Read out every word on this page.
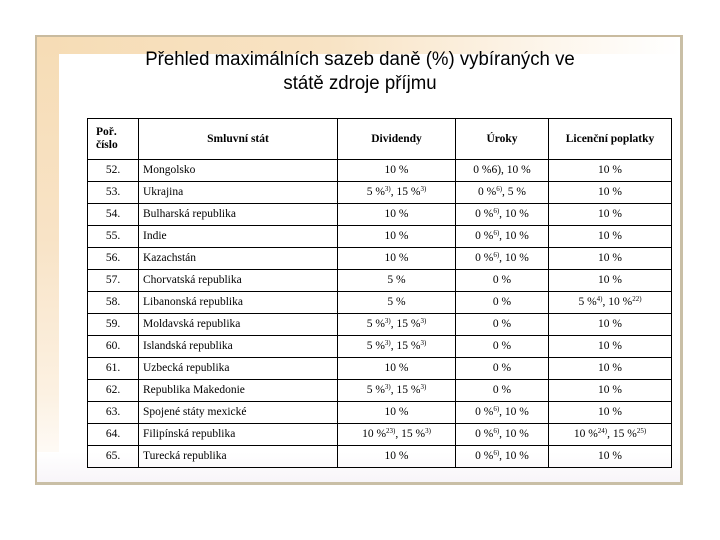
Přehled maximálních sazeb daně (%) vybíraných ve
státě zdroje příjmu
Poř.
číslo	Smluvní stát	Dividendy	Úroky	Licenční poplatky
52.	Mongolsko	10 %	0 %6), 10 %	10 %
53.	Ukrajina	5 %$^{3)}$, 15 %$^{3)}$	0 %$^{6)}$, 5 %	10 %
54.	Bulharská republika	10 %	0 %$^{6)}$, 10 %	10 %
55.	Indie	10 %	0 %$^{6)}$, 10 %	10 %
56.	Kazachstán	10 %	0 %$^{6)}$, 10 %	10 %
57.	Chorvatská republika	5 %	0 %	10 %
58.	Libanonská republika	5 %	0 %	5 %$^{4)}$, 10 %$^{22)}$
59.	Moldavská republika	5 %$^{3)}$, 15 %$^{3)}$	0 %	10 %
60.	Islandská republika	5 %$^{3)}$, 15 %$^{3)}$	0 %	10 %
61.	Uzbecká republika	10 %	0 %	10 %
62.	Republika Makedonie	5 %$^{3)}$, 15 %$^{3)}$	0 %	10 %
63.	Spojené státy mexické	10 %	0 %$^{6)}$, 10 %	10 %
64.	Filipínská republika	10 %$^{23)}$, 15 %$^{3)}$	0 %$^{6)}$, 10 %	10 %$^{24)}$, 15 %$^{25)}$
65.	Turecká republika	10 %	0 %$^{6)}$, 10 %	10 %
